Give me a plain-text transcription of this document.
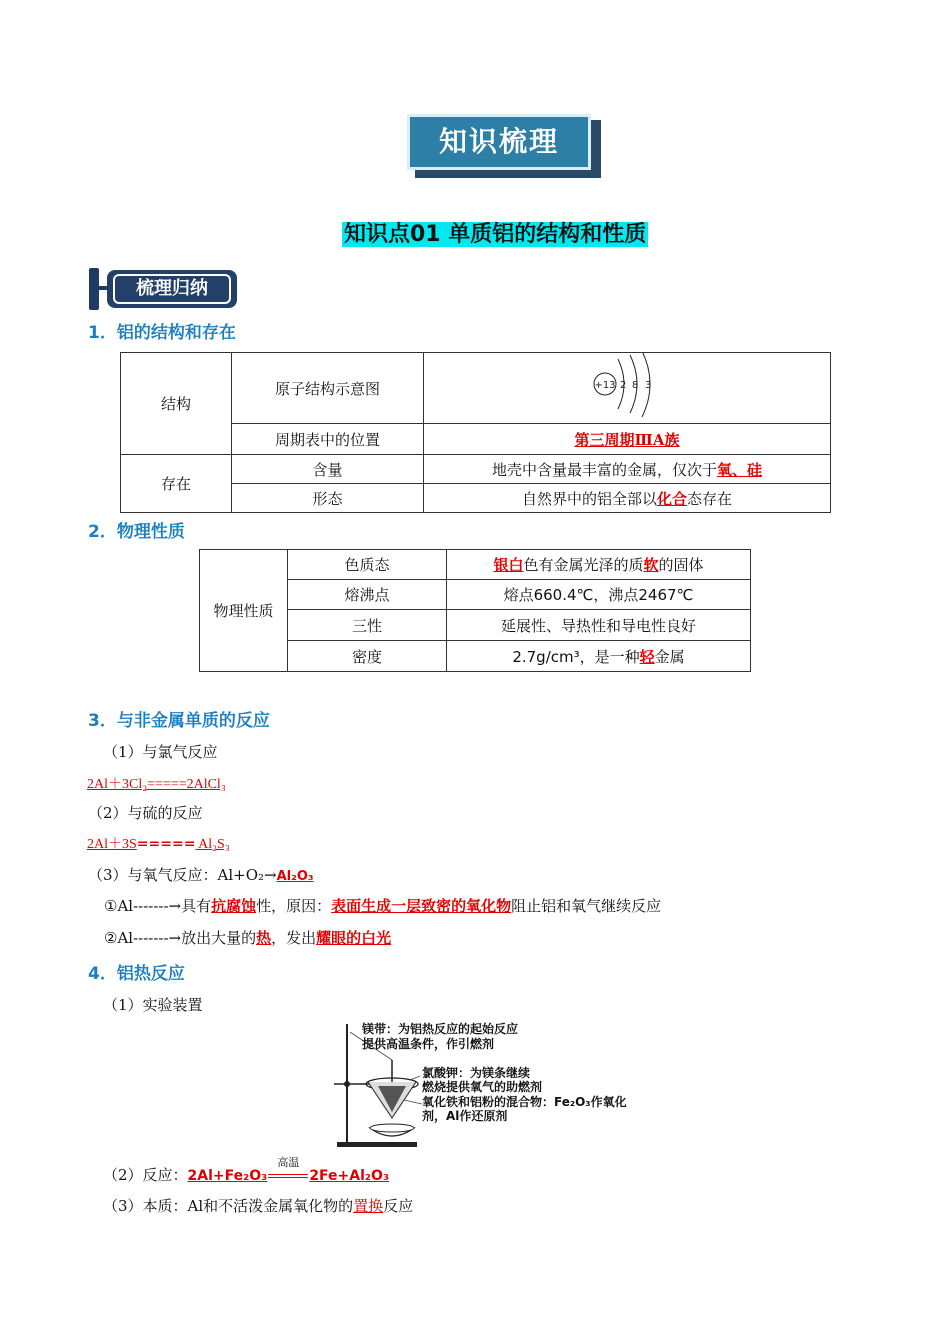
知识梳理
知识点01 单质铝的结构和性质
梳理归纳
1．铝的结构和存在
结构	原子结构示意图	+13 2 8 3

	周期表中的位置	第三周期ⅢA族
存在	含量	地壳中含量最丰富的金属，仅次于氧、硅
	形态	自然界中的铝全部以化合态存在
2．物理性质
物理性质	色质态	银白色有金属光泽的质软的固体
	熔沸点	熔点660.4℃，沸点2467℃
	三性	延展性、导热性和导电性良好
	密度	2.7g/cm³，是一种轻金属
3．与非金属单质的反应
（1）与氯气反应
2Al＋3Cl₂=====2AlCl₃
（2）与硫的反应
2Al＋3S===== Al₂S₃
（3）与氧气反应：Al+O₂→Al₂O₃
①Al-------→具有抗腐蚀性，原因：表面生成一层致密的氧化物阻止铝和氧气继续反应
②Al-------→放出大量的热，发出耀眼的白光
4．铝热反应
（1）实验装置
镁带：为铝热反应的起始反应
提供高温条件，作引燃剂
氯酸钾：为镁条继续
燃烧提供氧气的助燃剂
氧化铁和铝粉的混合物：Fe₂O₃作氧化
剂，Al作还原剂
（2）反应：2Al+Fe₂O₃
高温
2Fe+Al₂O₃
（3）本质：Al和不活泼金属氧化物的置换反应
